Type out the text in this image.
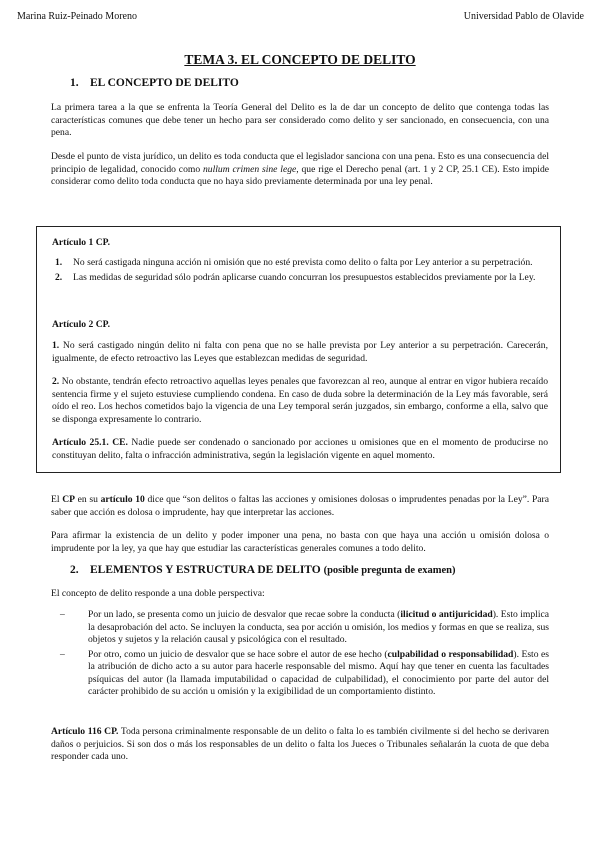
Marina Ruiz-Peinado Moreno	Universidad Pablo de Olavide
TEMA 3. EL CONCEPTO DE DELITO
1. EL CONCEPTO DE DELITO

La primera tarea a la que se enfrenta la Teoría General del Delito es la de dar un concepto de delito que contenga todas las características comunes que debe tener un hecho para ser considerado como delito y ser sancionado, en consecuencia, con una pena.

Desde el punto de vista jurídico, un delito es toda conducta que el legislador sanciona con una pena. Esto es una consecuencia del principio de legalidad, conocido como nullum crimen sine lege, que rige el Derecho penal (art. 1 y 2 CP, 25.1 CE). Esto impide considerar como delito toda conducta que no haya sido previamente determinada por una ley penal.

Artículo 1 CP.

1. No será castigada ninguna acción ni omisión que no esté prevista como delito o falta por Ley anterior a su perpetración.
2. Las medidas de seguridad sólo podrán aplicarse cuando concurran los presupuestos establecidos previamente por la Ley.

Artículo 2 CP.

1. No será castigado ningún delito ni falta con pena que no se halle prevista por Ley anterior a su perpetración. Carecerán, igualmente, de efecto retroactivo las Leyes que establezcan medidas de seguridad.

2. No obstante, tendrán efecto retroactivo aquellas leyes penales que favorezcan al reo, aunque al entrar en vigor hubiera recaído sentencia firme y el sujeto estuviese cumpliendo condena. En caso de duda sobre la determinación de la Ley más favorable, será oído el reo. Los hechos cometidos bajo la vigencia de una Ley temporal serán juzgados, sin embargo, conforme a ella, salvo que se disponga expresamente lo contrario.

Artículo 25.1. CE. Nadie puede ser condenado o sancionado por acciones u omisiones que en el momento de producirse no constituyan delito, falta o infracción administrativa, según la legislación vigente en aquel momento.

El CP en su artículo 10 dice que “son delitos o faltas las acciones y omisiones dolosas o imprudentes penadas por la Ley”. Para saber que acción es dolosa o imprudente, hay que interpretar las acciones.

Para afirmar la existencia de un delito y poder imponer una pena, no basta con que haya una acción u omisión dolosa o imprudente por la ley, ya que hay que estudiar las características generales comunes a todo delito.

2. ELEMENTOS Y ESTRUCTURA DE DELITO (posible pregunta de examen)

El concepto de delito responde a una doble perspectiva:

– Por un lado, se presenta como un juicio de desvalor que recae sobre la conducta (ilicitud o antijuricidad). Esto implica la desaprobación del acto. Se incluyen la conducta, sea por acción u omisión, los medios y formas en que se realiza, sus objetos y sujetos y la relación causal y psicológica con el resultado.
– Por otro, como un juicio de desvalor que se hace sobre el autor de ese hecho (culpabilidad o responsabilidad). Esto es la atribución de dicho acto a su autor para hacerle responsable del mismo. Aquí hay que tener en cuenta las facultades psíquicas del autor (la llamada imputabilidad o capacidad de culpabilidad), el conocimiento por parte del autor del carácter prohibido de su acción u omisión y la exigibilidad de un comportamiento distinto.

Artículo 116 CP. Toda persona criminalmente responsable de un delito o falta lo es también civilmente si del hecho se derivaren daños o perjuicios. Si son dos o más los responsables de un delito o falta los Jueces o Tribunales señalarán la cuota de que deba responder cada uno.
